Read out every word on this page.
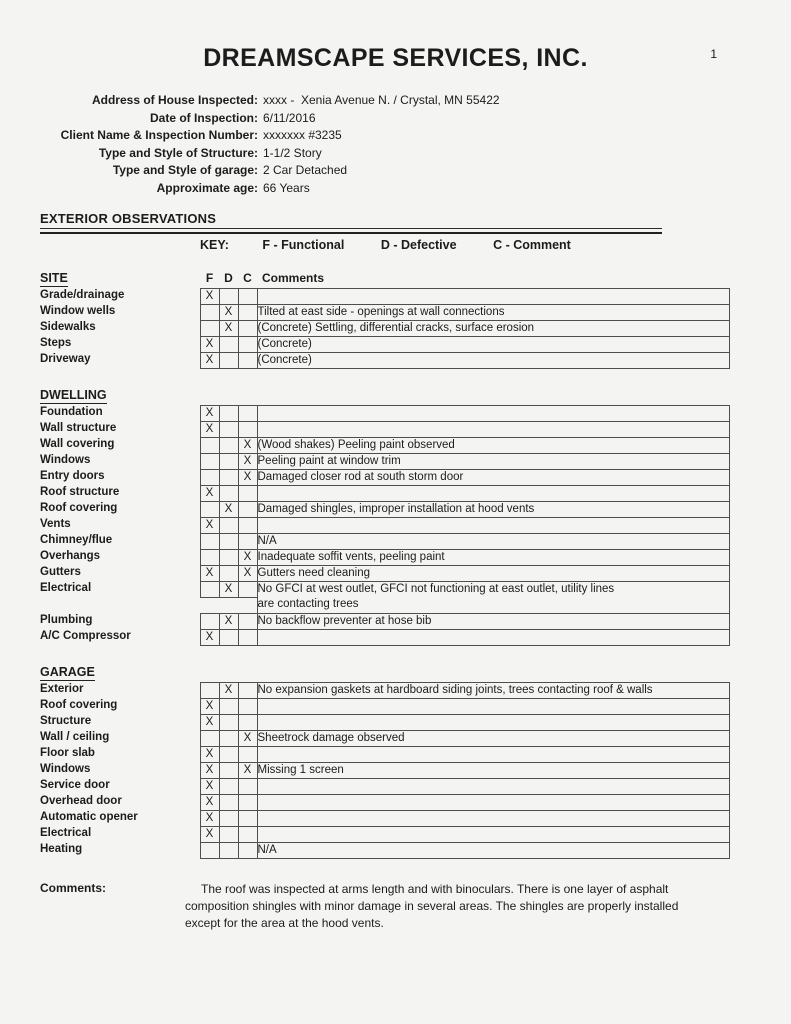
DREAMSCAPE SERVICES, INC.	1
Address of House Inspected: xxxx -  Xenia Avenue N. / Crystal, MN 55422
Date of Inspection: 6/11/2016
Client Name & Inspection Number: xxxxxxx #3235
Type and Style of Structure: 1-1/2 Story
Type and Style of garage: 2 Car Detached
Approximate age: 66 Years
EXTERIOR OBSERVATIONS
KEY:	F - Functional	D - Defective	C - Comment
SITE	F D C Comments
Grade/drainage	X			
Window wells		X		Tilted at east side - openings at wall connections
Sidewalks		X		(Concrete) Settling, differential cracks, surface erosion
Steps	X			(Concrete)
Driveway	X			(Concrete)
DWELLING
Foundation	X			
Wall structure	X			
Wall covering			X	(Wood shakes) Peeling paint observed
Windows			X	Peeling paint at window trim
Entry doors			X	Damaged closer rod at south storm door
Roof structure	X			
Roof covering		X		Damaged shingles, improper installation at hood vents
Vents	X			
Chimney/flue				N/A
Overhangs			X	Inadequate soffit vents, peeling paint
Gutters	X		X	Gutters need cleaning
Electrical		X		No GFCI at west outlet, GFCI not functioning at east outlet, utility lines
are contacting trees

Plumbing		X		No backflow preventer at hose bib
A/C Compressor	X			
GARAGE
Exterior		X		No expansion gaskets at hardboard siding joints, trees contacting roof & walls
Roof covering	X			
Structure	X			
Wall / ceiling			X	Sheetrock damage observed
Floor slab	X			
Windows	X		X	Missing 1 screen
Service door	X			
Overhead door	X			
Automatic opener	X			
Electrical	X			
Heating				N/A
Comments:	The roof was inspected at arms length and with binoculars. There is one layer of asphalt composition shingles with minor damage in several areas. The shingles are properly installed except for the area at the hood vents.
